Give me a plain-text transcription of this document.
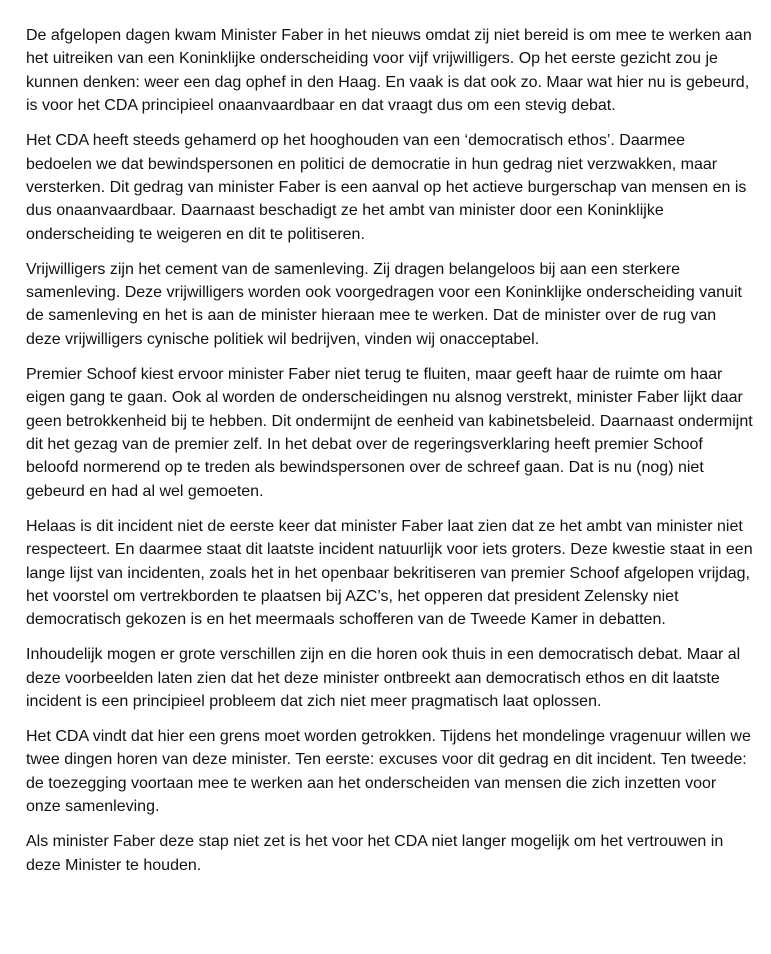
De afgelopen dagen kwam Minister Faber in het nieuws omdat zij niet bereid is om mee te werken aan het uitreiken van een Koninklijke onderscheiding voor vijf vrijwilligers. Op het eerste gezicht zou je kunnen denken: weer een dag ophef in den Haag. En vaak is dat ook zo. Maar wat hier nu is gebeurd, is voor het CDA principieel onaanvaardbaar en dat vraagt dus om een stevig debat.

Het CDA heeft steeds gehamerd op het hooghouden van een ‘democratisch ethos’. Daarmee bedoelen we dat bewindspersonen en politici de democratie in hun gedrag niet verzwakken, maar versterken. Dit gedrag van minister Faber is een aanval op het actieve burgerschap van mensen en is dus onaanvaardbaar. Daarnaast beschadigt ze het ambt van minister door een Koninklijke onderscheiding te weigeren en dit te politiseren.

Vrijwilligers zijn het cement van de samenleving. Zij dragen belangeloos bij aan een sterkere samenleving. Deze vrijwilligers worden ook voorgedragen voor een Koninklijke onderscheiding vanuit de samenleving en het is aan de minister hieraan mee te werken. Dat de minister over de rug van deze vrijwilligers cynische politiek wil bedrijven, vinden wij onacceptabel.

Premier Schoof kiest ervoor minister Faber niet terug te fluiten, maar geeft haar de ruimte om haar eigen gang te gaan. Ook al worden de onderscheidingen nu alsnog verstrekt, minister Faber lijkt daar geen betrokkenheid bij te hebben. Dit ondermijnt de eenheid van kabinetsbeleid. Daarnaast ondermijnt dit het gezag van de premier zelf. In het debat over de regeringsverklaring heeft premier Schoof beloofd normerend op te treden als bewindspersonen over de schreef gaan. Dat is nu (nog) niet gebeurd en had al wel gemoeten.

Helaas is dit incident niet de eerste keer dat minister Faber laat zien dat ze het ambt van minister niet respecteert. En daarmee staat dit laatste incident natuurlijk voor iets groters. Deze kwestie staat in een lange lijst van incidenten, zoals het in het openbaar bekritiseren van premier Schoof afgelopen vrijdag, het voorstel om vertrekborden te plaatsen bij AZC’s, het opperen dat president Zelensky niet democratisch gekozen is en het meermaals schofferen van de Tweede Kamer in debatten.

Inhoudelijk mogen er grote verschillen zijn en die horen ook thuis in een democratisch debat. Maar al deze voorbeelden laten zien dat het deze minister ontbreekt aan democratisch ethos en dit laatste incident is een principieel probleem dat zich niet meer pragmatisch laat oplossen.

Het CDA vindt dat hier een grens moet worden getrokken. Tijdens het mondelinge vragenuur willen we twee dingen horen van deze minister. Ten eerste: excuses voor dit gedrag en dit incident. Ten tweede: de toezegging voortaan mee te werken aan het onderscheiden van mensen die zich inzetten voor onze samenleving.

Als minister Faber deze stap niet zet is het voor het CDA niet langer mogelijk om het vertrouwen in deze Minister te houden.
